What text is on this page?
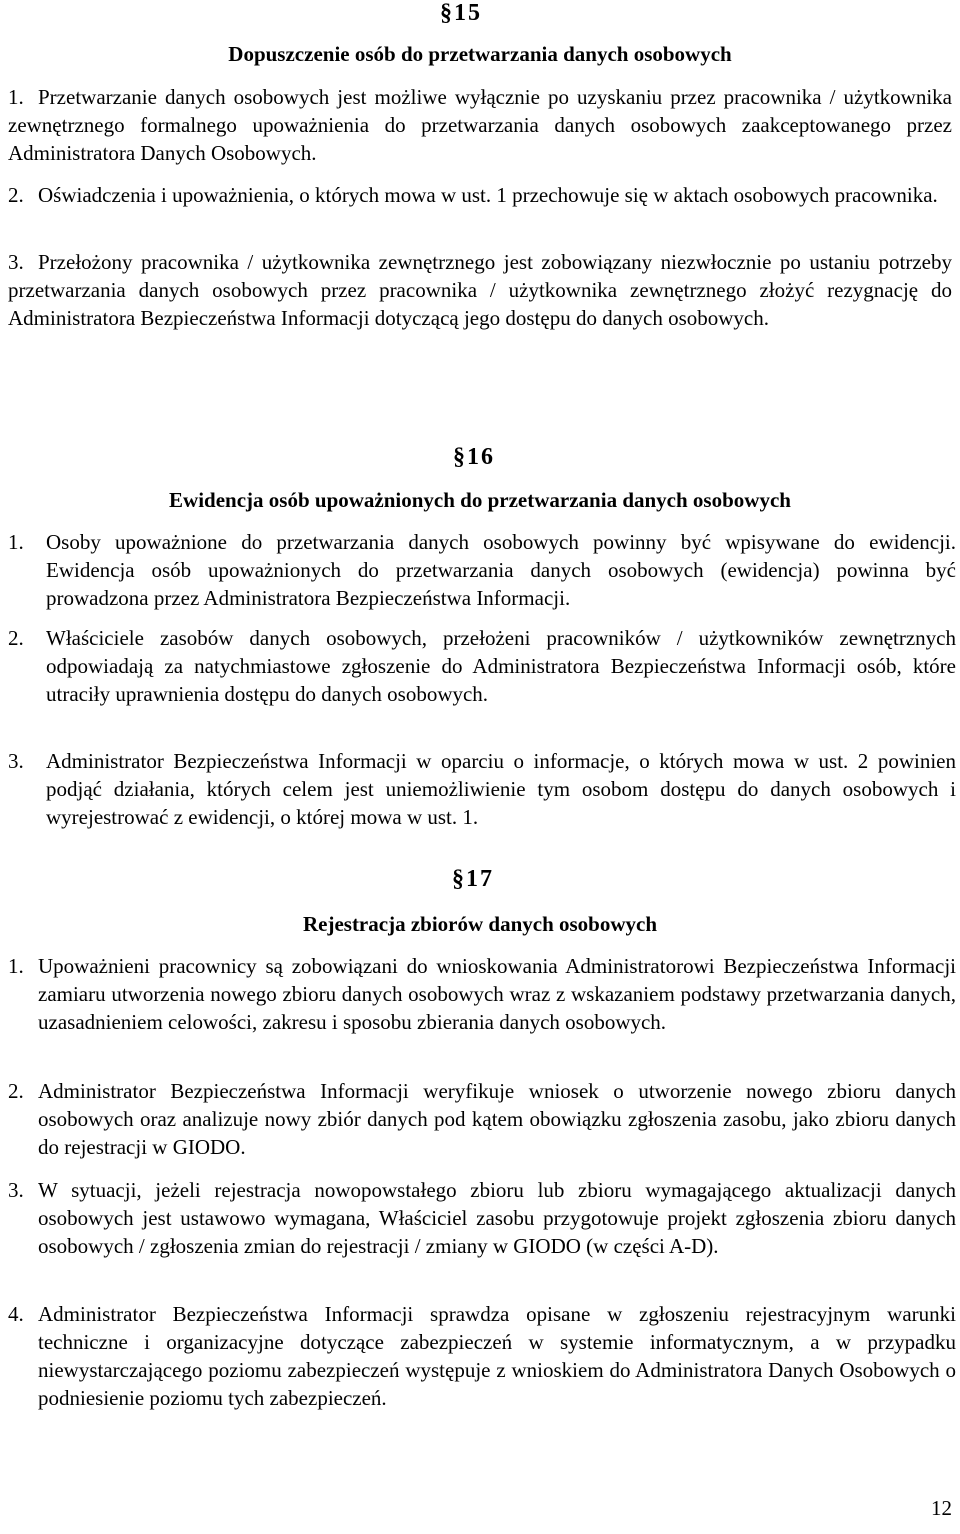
§15
Dopuszczenie osób do przetwarzania danych osobowych
1. Przetwarzanie danych osobowych jest możliwe wyłącznie po uzyskaniu przez pracownika / użytkownika zewnętrznego formalnego upoważnienia do przetwarzania danych osobowych zaakceptowanego przez Administratora Danych Osobowych.
2. Oświadczenia i upoważnienia, o których mowa w ust. 1 przechowuje się w aktach osobowych pracownika.
3. Przełożony pracownika / użytkownika zewnętrznego jest zobowiązany niezwłocznie po ustaniu potrzeby przetwarzania danych osobowych przez pracownika / użytkownika zewnętrznego złożyć rezygnację do Administratora Bezpieczeństwa Informacji dotyczącą jego dostępu do danych osobowych.
§16
Ewidencja osób upoważnionych do przetwarzania danych osobowych
1.	Osoby upoważnione do przetwarzania danych osobowych powinny być wpisywane do ewidencji. Ewidencja osób upoważnionych do przetwarzania danych osobowych (ewidencja) powinna być prowadzona przez Administratora Bezpieczeństwa Informacji.
2.	Właściciele zasobów danych osobowych, przełożeni pracowników / użytkowników zewnętrznych odpowiadają za natychmiastowe zgłoszenie do Administratora Bezpieczeństwa Informacji osób, które utraciły uprawnienia dostępu do danych osobowych.
3.	Administrator Bezpieczeństwa Informacji w oparciu o informacje, o których mowa w ust. 2 powinien podjąć działania, których celem jest uniemożliwienie tym osobom dostępu do danych osobowych i wyrejestrować z ewidencji, o której mowa w ust. 1.
§17
Rejestracja zbiorów danych osobowych
1. Upoważnieni pracownicy są zobowiązani do wnioskowania Administratorowi Bezpieczeństwa Informacji zamiaru utworzenia nowego zbioru danych osobowych wraz z wskazaniem podstawy przetwarzania danych, uzasadnieniem celowości, zakresu i sposobu zbierania danych osobowych.
2. Administrator Bezpieczeństwa Informacji weryfikuje wniosek o utworzenie nowego zbioru danych osobowych oraz analizuje nowy zbiór danych pod kątem obowiązku zgłoszenia zasobu, jako zbioru danych do rejestracji w GIODO.
3. W sytuacji, jeżeli rejestracja nowopowstałego zbioru lub zbioru wymagającego aktualizacji danych osobowych jest ustawowo wymagana, Właściciel zasobu przygotowuje projekt zgłoszenia zbioru danych osobowych / zgłoszenia zmian do rejestracji / zmiany w GIODO (w części A-D).
4. Administrator Bezpieczeństwa Informacji sprawdza opisane w zgłoszeniu rejestracyjnym warunki techniczne i organizacyjne dotyczące zabezpieczeń w systemie informatycznym, a w przypadku niewystarczającego poziomu zabezpieczeń występuje z wnioskiem do Administratora Danych Osobowych o podniesienie poziomu tych zabezpieczeń.
12
